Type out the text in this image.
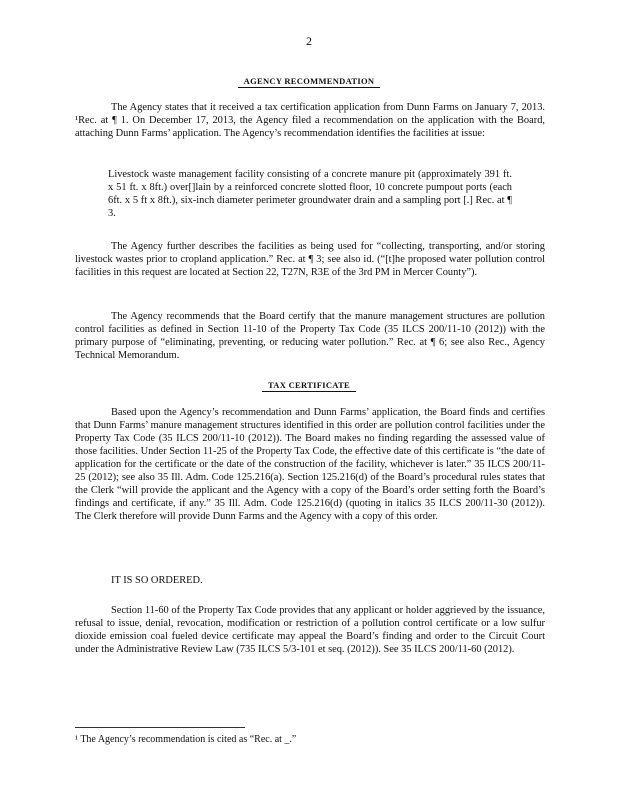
2
AGENCY RECOMMENDATION

The Agency states that it received a tax certification application from Dunn Farms on January 7, 2013. ¹Rec. at ¶ 1. On December 17, 2013, the Agency filed a recommendation on the application with the Board, attaching Dunn Farms’ application. The Agency’s recommendation identifies the facilities at issue:

Livestock waste management facility consisting of a concrete manure pit (approximately 391 ft. x 51 ft. x 8ft.) over[]lain by a reinforced concrete slotted floor, 10 concrete pumpout ports (each 6ft. x 5 ft x 8ft.), six-inch diameter perimeter groundwater drain and a sampling port [.] Rec. at ¶ 3.

The Agency further describes the facilities as being used for “collecting, transporting, and/or storing livestock wastes prior to cropland application.” Rec. at ¶ 3; see also id. (“[t]he proposed water pollution control facilities in this request are located at Section 22, T27N, R3E of the 3rd PM in Mercer County”).

The Agency recommends that the Board certify that the manure management structures are pollution control facilities as defined in Section 11-10 of the Property Tax Code (35 ILCS 200/11-10 (2012)) with the primary purpose of “eliminating, preventing, or reducing water pollution.” Rec. at ¶ 6; see also Rec., Agency Technical Memorandum.

TAX CERTIFICATE

Based upon the Agency’s recommendation and Dunn Farms’ application, the Board finds and certifies that Dunn Farms’ manure management structures identified in this order are pollution control facilities under the Property Tax Code (35 ILCS 200/11-10 (2012)). The Board makes no finding regarding the assessed value of those facilities. Under Section 11-25 of the Property Tax Code, the effective date of this certificate is “the date of application for the certificate or the date of the construction of the facility, whichever is later.” 35 ILCS 200/11-25 (2012); see also 35 Ill. Adm. Code 125.216(a). Section 125.216(d) of the Board’s procedural rules states that the Clerk “will provide the applicant and the Agency with a copy of the Board’s order setting forth the Board’s findings and certificate, if any.” 35 Ill. Adm. Code 125.216(d) (quoting in italics 35 ILCS 200/11-30 (2012)). The Clerk therefore will provide Dunn Farms and the Agency with a copy of this order.

IT IS SO ORDERED.

Section 11-60 of the Property Tax Code provides that any applicant or holder aggrieved by the issuance, refusal to issue, denial, revocation, modification or restriction of a pollution control certificate or a low sulfur dioxide emission coal fueled device certificate may appeal the Board’s finding and order to the Circuit Court under the Administrative Review Law (735 ILCS 5/3-101 et seq. (2012)). See 35 ILCS 200/11-60 (2012).

¹ The Agency’s recommendation is cited as “Rec. at _.”
